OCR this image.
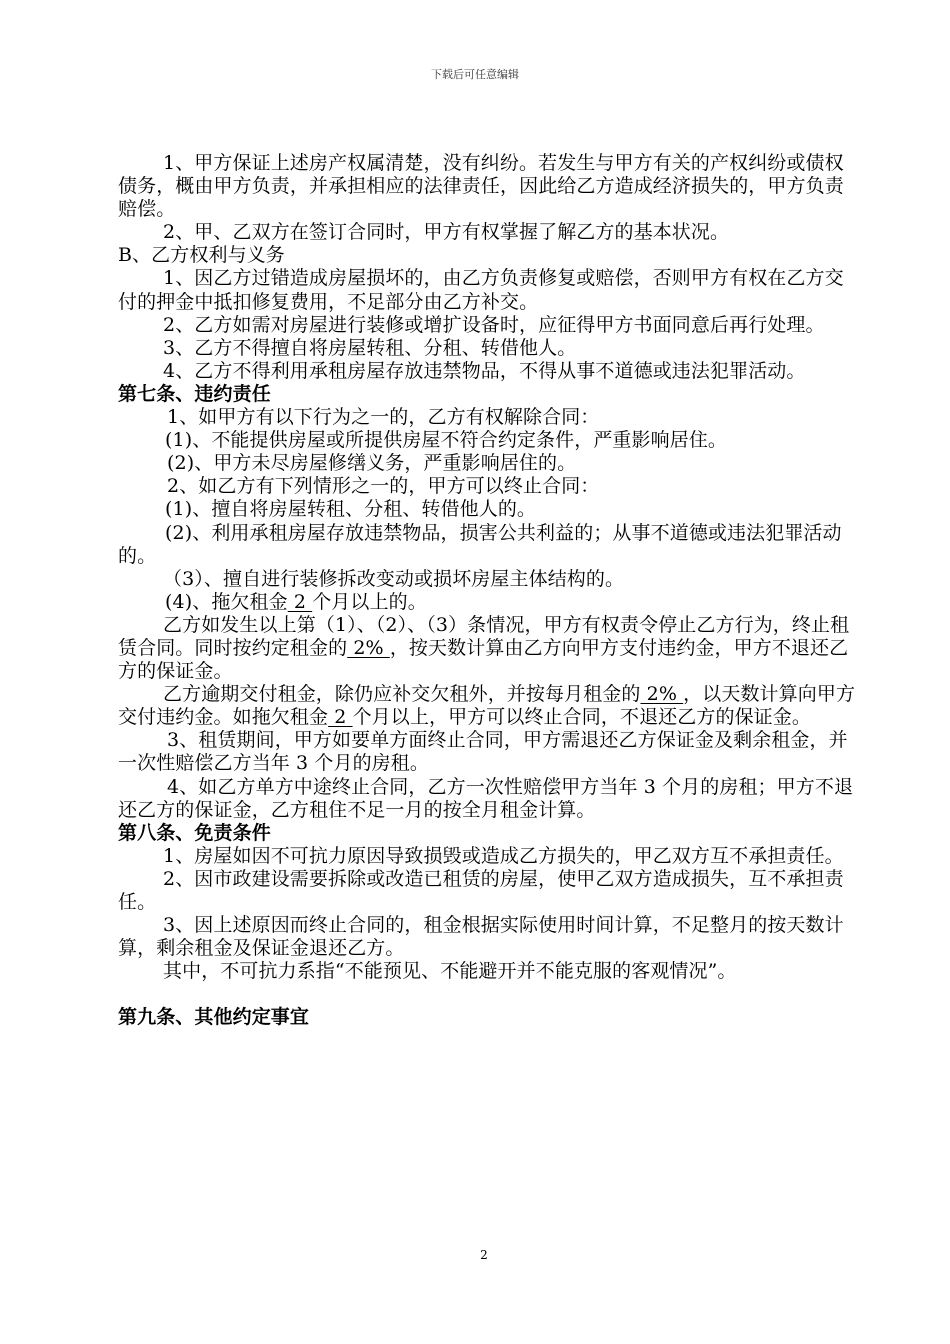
下载后可任意编辑

1、甲方保证上述房产权属清楚，没有纠纷。若发生与甲方有关的产权纠纷或债权债务，概由甲方负责，并承担相应的法律责任，因此给乙方造成经济损失的，甲方负责赔偿。

2、甲、乙双方在签订合同时，甲方有权掌握了解乙方的基本状况。

B、乙方权利与义务

1、因乙方过错造成房屋损坏的，由乙方负责修复或赔偿，否则甲方有权在乙方交付的押金中抵扣修复费用，不足部分由乙方补交。

2、乙方如需对房屋进行装修或增扩设备时，应征得甲方书面同意后再行处理。

3、乙方不得擅自将房屋转租、分租、转借他人。

4、乙方不得利用承租房屋存放违禁物品，不得从事不道德或违法犯罪活动。

第七条、违约责任

1、如甲方有以下行为之一的，乙方有权解除合同：

(1)、不能提供房屋或所提供房屋不符合约定条件，严重影响居住。

(2)、甲方未尽房屋修缮义务，严重影响居住的。

2、如乙方有下列情形之一的，甲方可以终止合同：

(1)、擅自将房屋转租、分租、转借他人的。

(2)、利用承租房屋存放违禁物品，损害公共利益的；从事不道德或违法犯罪活动的。

（3）、擅自进行装修拆改变动或损坏房屋主体结构的。

(4)、拖欠租金 2 个月以上的。

乙方如发生以上第（1）、（2）、（3）条情况，甲方有权责令停止乙方行为，终止租赁合同。同时按约定租金的 2% ，按天数计算由乙方向甲方支付违约金，甲方不退还乙方的保证金。

乙方逾期交付租金，除仍应补交欠租外，并按每月租金的 2% ，以天数计算向甲方交付违约金。如拖欠租金 2 个月以上，甲方可以终止合同，不退还乙方的保证金。

3、租赁期间，甲方如要单方面终止合同，甲方需退还乙方保证金及剩余租金，并一次性赔偿乙方当年 3 个月的房租。

4、如乙方单方中途终止合同，乙方一次性赔偿甲方当年 3 个月的房租；甲方不退还乙方的保证金，乙方租住不足一月的按全月租金计算。

第八条、免责条件

1、房屋如因不可抗力原因导致损毁或造成乙方损失的，甲乙双方互不承担责任。

2、因市政建设需要拆除或改造已租赁的房屋，使甲乙双方造成损失，互不承担责任。

3、因上述原因而终止合同的，租金根据实际使用时间计算，不足整月的按天数计算，剩余租金及保证金退还乙方。

其中，不可抗力系指“不能预见、不能避开并不能克服的客观情况”。

第九条、其他约定事宜

2
